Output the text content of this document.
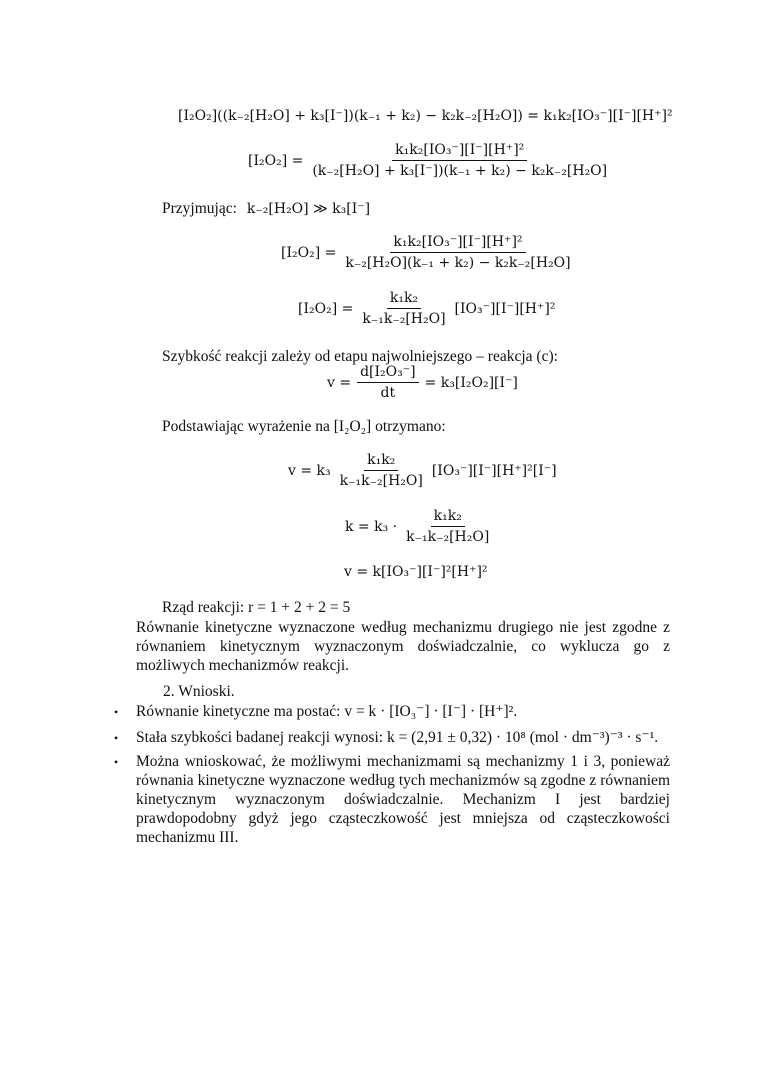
[I₂O₂]((k₋₂[H₂O] + k₃[I⁻])(k₋₁ + k₂) − k₂k₋₂[H₂O]) = k₁k₂[IO₃⁻][I⁻][H⁺]²
$[I_2O_2] = \frac{\text{k₁k₂[IO₃⁻][I⁻][H⁺]²}}{\text{(k₋₂[H₂O] + k₃[I⁻])(k₋₁ + k₂) − k₂k₋₂[H₂O]}}$
Przyjmując: k₋₂[H₂O] ≫ k₃[I⁻]
$[I_2O_2] = \frac{\text{k₁k₂[IO₃⁻][I⁻][H⁺]²}}{\text{k₋₂[H₂O](k₋₁ + k₂) − k₂k₋₂[H₂O]}}$
$[I_2O_2] = \frac{\text{k₁k₂}}{\text{k₋₁k₋₂[H₂O]}} [IO_3^-][I^-][H^+]^2$
Szybkość reakcji zależy od etapu najwolniejszego – reakcja (c):
$v = \frac{\text{d[I₂O₃⁻]}}{dt} = k_3[I_2O_2][I^-]$
Podstawiając wyrażenie na [I₂O₂] otrzymano:
$v = k_3 \frac{\text{k₁k₂}}{\text{k₋₁k₋₂[H₂O]}} [IO_3^-][I^-][H^+]^2[I^-]$
$k = k_3 \cdot \frac{\text{k₁k₂}}{\text{k₋₁k₋₂[H₂O]}}$
v = k[IO₃⁻][I⁻]²[H⁺]²
Rząd reakcji: r = 1 + 2 + 2 = 5
Równanie kinetyczne wyznaczone według mechanizmu drugiego nie jest zgodne z równaniem kinetycznym wyznaczonym doświadczalnie, co wyklucza go z możliwych mechanizmów reakcji.
2. Wnioski.
• Równanie kinetyczne ma postać: v = k · [IO₃⁻] · [I⁻] · [H⁺]².
• Stała szybkości badanej reakcji wynosi: k = (2,91 ± 0,32) · 10⁸ (mol · dm⁻³)⁻³ · s⁻¹.
• Można wnioskować, że możliwymi mechanizmami są mechanizmy 1 i 3, ponieważ równania kinetyczne wyznaczone według tych mechanizmów są zgodne z równaniem kinetycznym wyznaczonym doświadczalnie. Mechanizm I jest bardziej prawdopodobny gdyż jego cząsteczkowość jest mniejsza od cząsteczkowości mechanizmu III.
